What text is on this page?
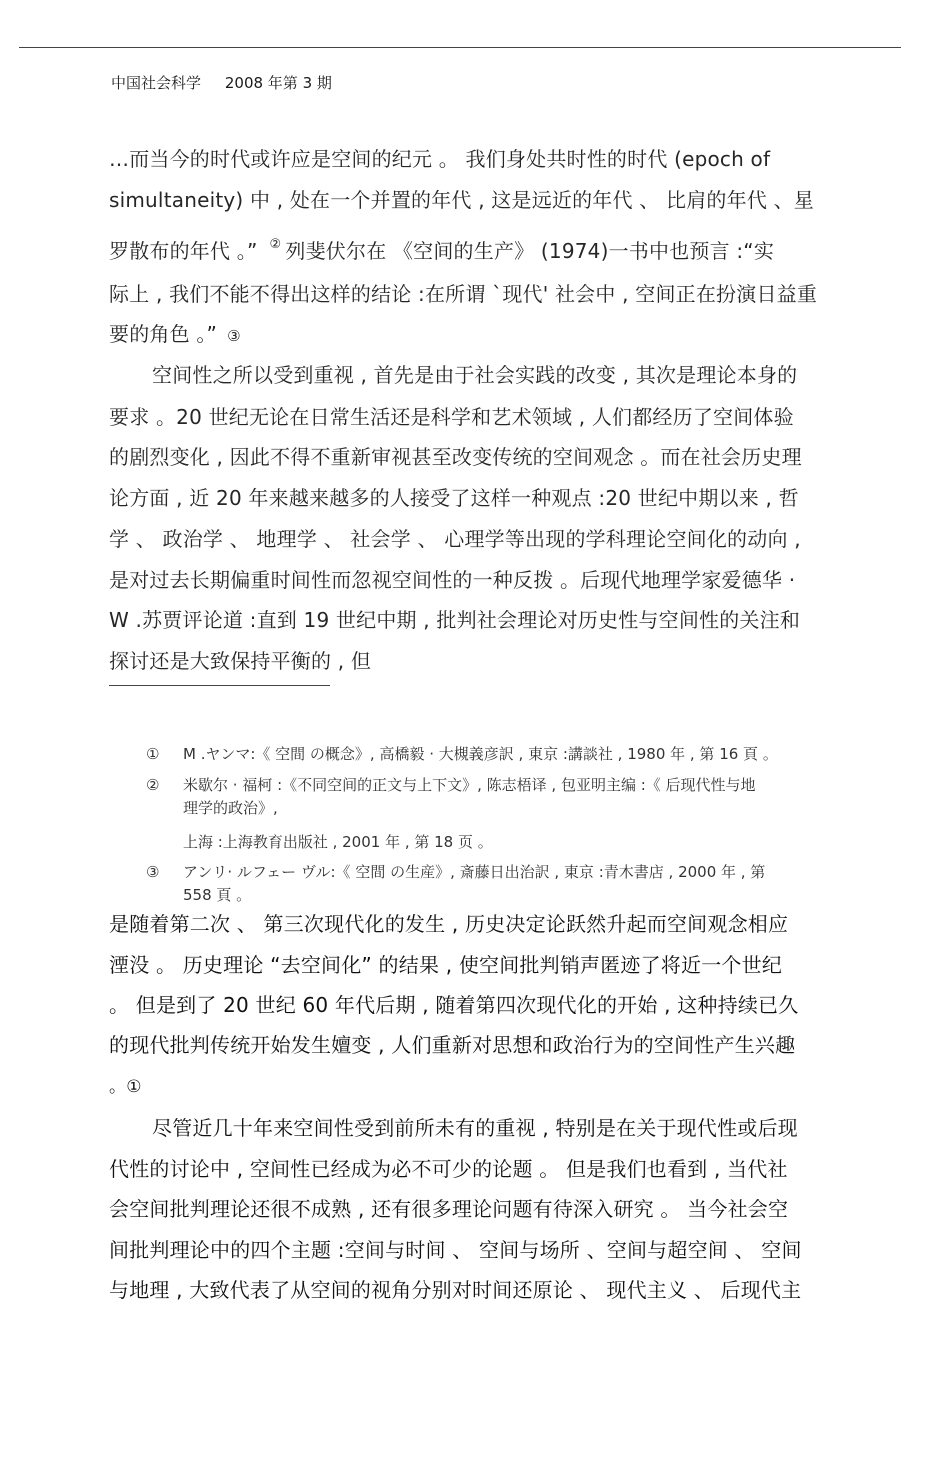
中国社会科学 2008 年第 3 期
…而当今的时代或许应是空间的纪元 。 我们身处共时性的时代 (epoch of
simultaneity) 中 , 处在一个并置的年代 , 这是远近的年代 、 比肩的年代 、星
罗散布的年代 。” ② 列斐伏尔在 《空间的生产》 (1974)一书中也预言 :“实
际上 , 我们不能不得出这样的结论 :在所谓 `现代' 社会中 , 空间正在扮演日益重
要的角色 。” ③
空间性之所以受到重视 , 首先是由于社会实践的改变 , 其次是理论本身的
要求 。20 世纪无论在日常生活还是科学和艺术领域 , 人们都经历了空间体验
的剧烈变化 , 因此不得不重新审视甚至改变传统的空间观念 。而在社会历史理
论方面 , 近 20 年来越来越多的人接受了这样一种观点 :20 世纪中期以来 , 哲
学 、 政治学 、 地理学 、 社会学 、 心理学等出现的学科理论空间化的动向 ,
是对过去长期偏重时间性而忽视空间性的一种反拨 。后现代地理学家爱德华 ·
W .苏贾评论道 :直到 19 世纪中期 , 批判社会理论对历史性与空间性的关注和
探讨还是大致保持平衡的 , 但
① M .ヤンマ:《 空間 の概念》, 高橋毅 · 大槻義彦訳 , 東京 :講談社 , 1980 年 , 第 16 頁 。
② 米歇尔 · 福柯 :《不同空间的正文与上下文》, 陈志梧译 , 包亚明主编 :《 后现代性与地
理学的政治》,
上海 :上海教育出版社 , 2001 年 , 第 18 页 。
③ アンリ· ルフェー ヴル:《 空間 の生産》, 斎藤日出治訳 , 東京 :青木書店 , 2000 年 , 第
558 頁 。
是随着第二次 、 第三次现代化的发生 , 历史决定论跃然升起而空间观念相应
湮没 。 历史理论 “去空间化” 的结果 , 使空间批判销声匿迹了将近一个世纪
。 但是到了 20 世纪 60 年代后期 , 随着第四次现代化的开始 , 这种持续已久
的现代批判传统开始发生嬗变 , 人们重新对思想和政治行为的空间性产生兴趣
。①
尽管近几十年来空间性受到前所未有的重视 , 特别是在关于现代性或后现
代性的讨论中 , 空间性已经成为必不可少的论题 。 但是我们也看到 , 当代社
会空间批判理论还很不成熟 , 还有很多理论问题有待深入研究 。 当今社会空
间批判理论中的四个主题 :空间与时间 、 空间与场所 、空间与超空间 、 空间
与地理 , 大致代表了从空间的视角分别对时间还原论 、 现代主义 、 后现代主
